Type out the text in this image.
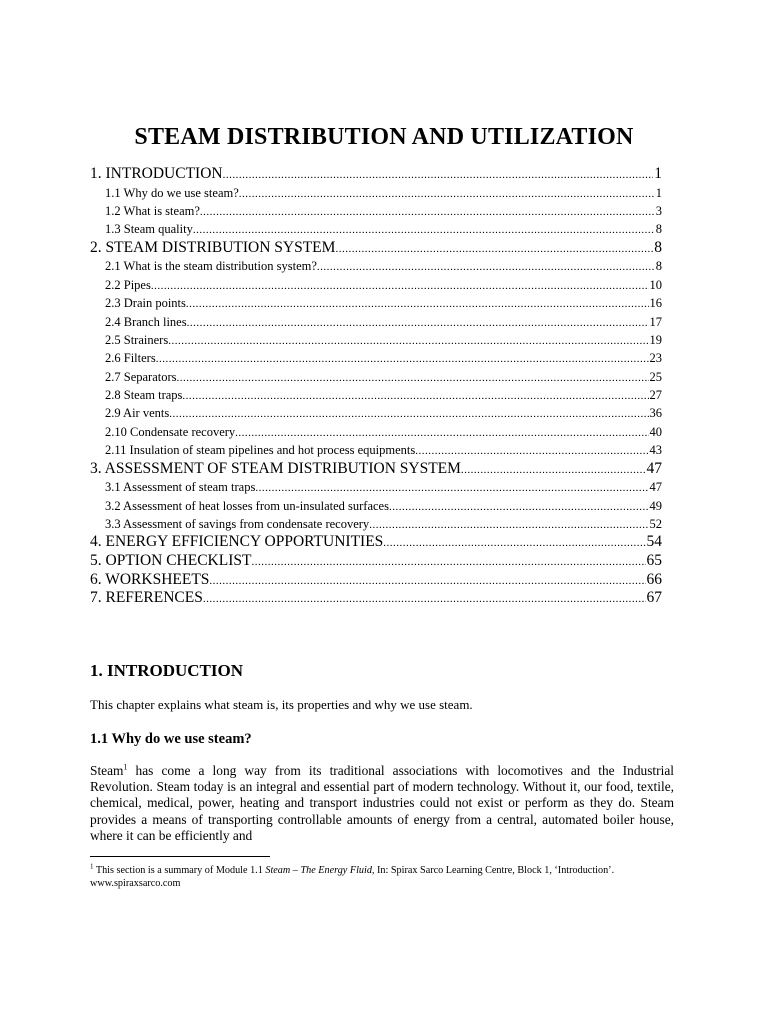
STEAM DISTRIBUTION AND UTILIZATION
1. INTRODUCTION .....	1
1.1 Why do we use steam? .....	1
1.2 What is steam? .....	3
1.3 Steam quality .....	8
2. STEAM DISTRIBUTION SYSTEM .....	8
2.1 What is the steam distribution system? .....	8
2.2 Pipes .....	10
2.3 Drain points .....	16
2.4 Branch lines .....	17
2.5 Strainers .....	19
2.6 Filters .....	23
2.7 Separators .....	25
2.8 Steam traps .....	27
2.9 Air vents .....	36
2.10 Condensate recovery .....	40
2.11 Insulation of steam pipelines and hot process equipments .....	43
3. ASSESSMENT OF STEAM DISTRIBUTION SYSTEM .....	47
3.1 Assessment of steam traps .....	47
3.2 Assessment of heat losses from un-insulated surfaces .....	49
3.3 Assessment of savings from condensate recovery .....	52
4. ENERGY EFFICIENCY OPPORTUNITIES .....	54
5. OPTION CHECKLIST .....	65
6. WORKSHEETS .....	66
7. REFERENCES .....	67
1. INTRODUCTION

This chapter explains what steam is, its properties and why we use steam.

1.1 Why do we use steam?

Steam$^1$ has come a long way from its traditional associations with locomotives and the Industrial Revolution. Steam today is an integral and essential part of modern technology. Without it, our food, textile, chemical, medical, power, heating and transport industries could not exist or perform as they do. Steam provides a means of transporting controllable amounts of energy from a central, automated boiler house, where it can be efficiently and

$^1$ This section is a summary of Module 1.1 Steam – The Energy Fluid, In: Spirax Sarco Learning Centre, Block 1, ‘Introduction’. www.spiraxsarco.com
